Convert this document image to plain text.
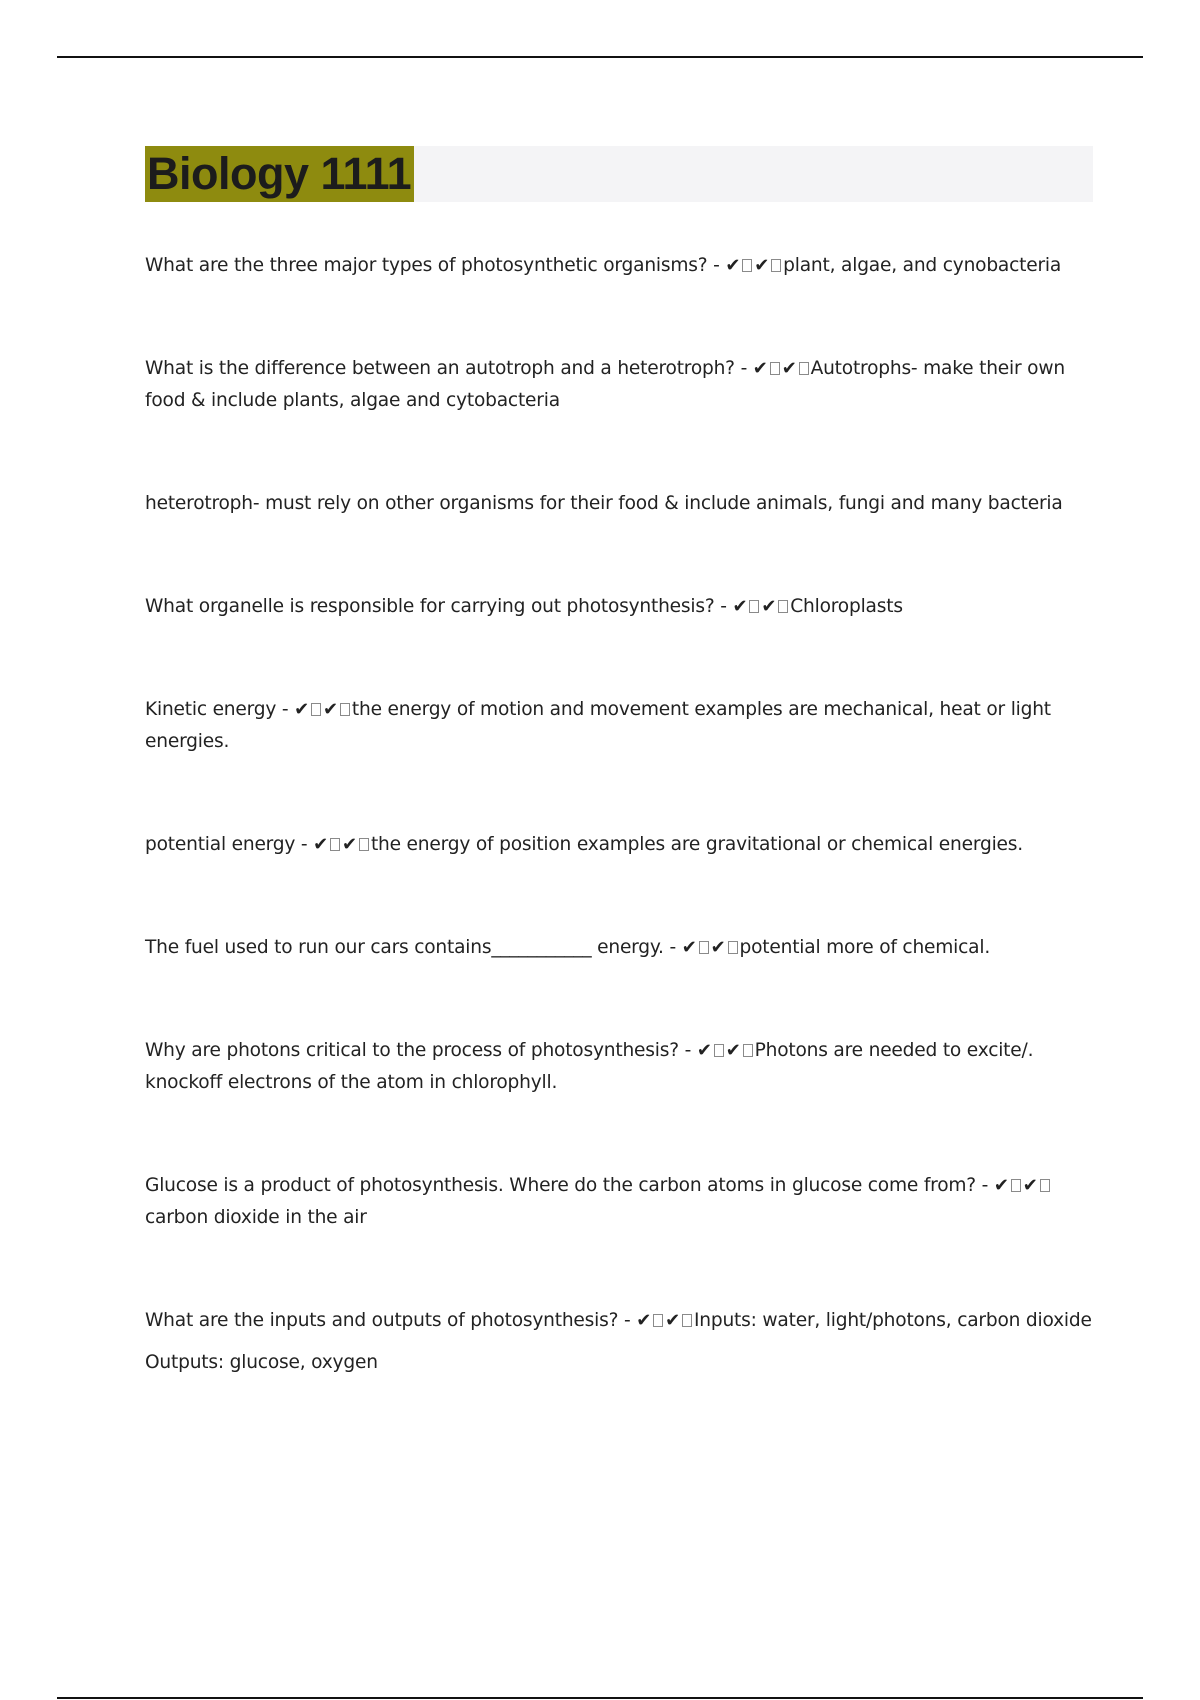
Biology 1111

What are the three major types of photosynthetic organisms? - ✔ ✔ plant, algae, and cynobacteria

What is the difference between an autotroph and a heterotroph? - ✔ ✔ Autotrophs- make their own food & include plants, algae and cytobacteria

heterotroph- must rely on other organisms for their food & include animals, fungi and many bacteria

What organelle is responsible for carrying out photosynthesis? - ✔ ✔ Chloroplasts

Kinetic energy - ✔ ✔ the energy of motion and movement examples are mechanical, heat or light energies.

potential energy - ✔ ✔ the energy of position examples are gravitational or chemical energies.

The fuel used to run our cars contains___________ energy. - ✔ ✔ potential more of chemical.

Why are photons critical to the process of photosynthesis? - ✔ ✔ Photons are needed to excite/. knockoff electrons of the atom in chlorophyll.

Glucose is a product of photosynthesis. Where do the carbon atoms in glucose come from? - ✔ ✔carbon dioxide in the air

What are the inputs and outputs of photosynthesis? - ✔ ✔ Inputs: water, light/photons, carbon dioxide

Outputs: glucose, oxygen
